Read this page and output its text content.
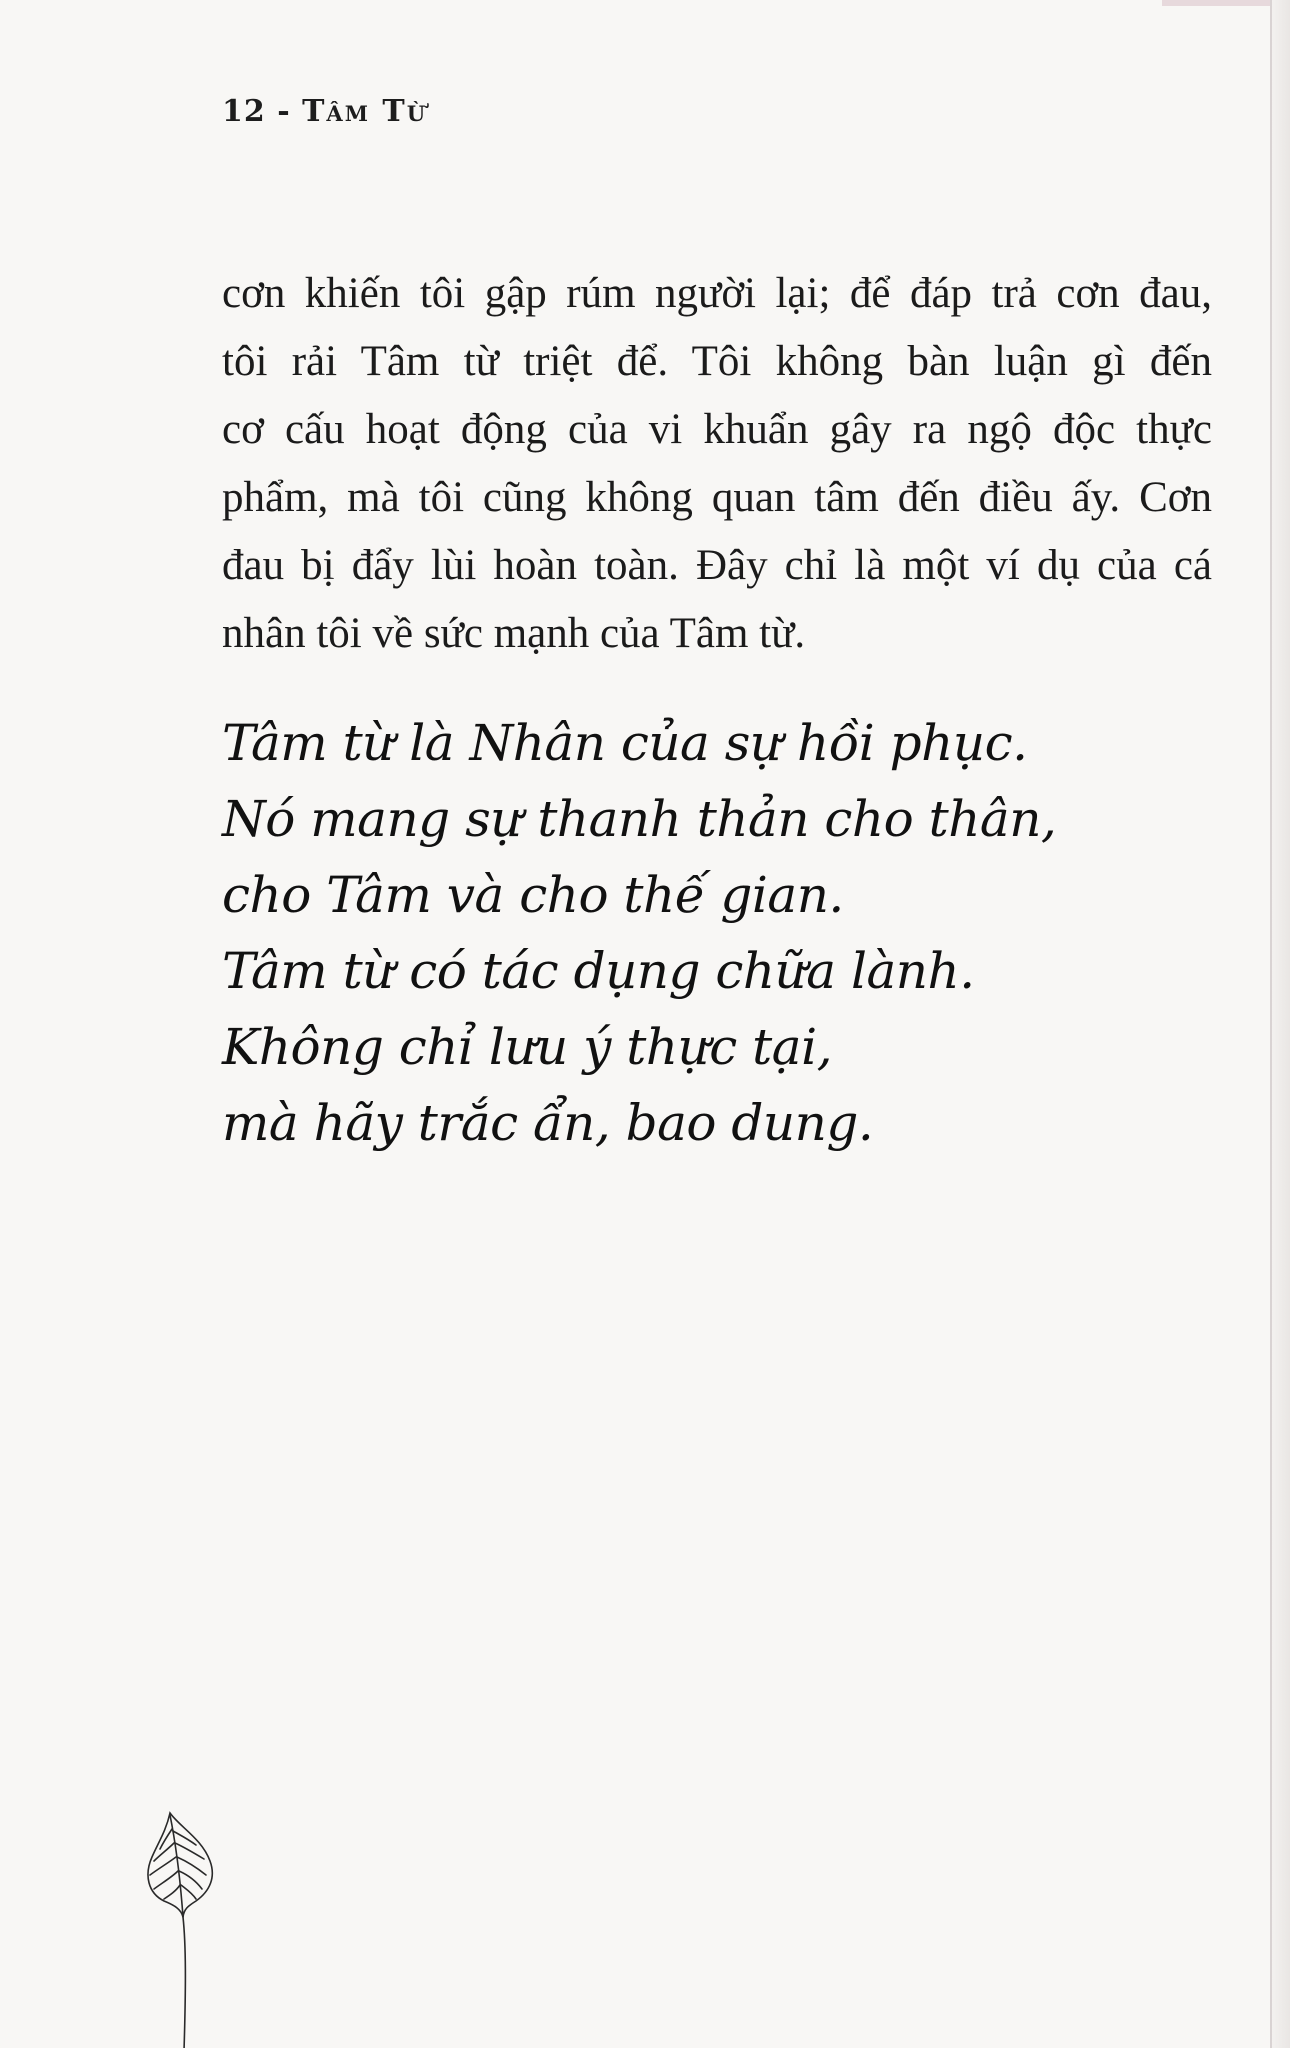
12 - Tâm Từ

cơn khiến tôi gập rúm người lại; để đáp trả cơn đau,

tôi rải Tâm từ triệt để. Tôi không bàn luận gì đến

cơ cấu hoạt động của vi khuẩn gây ra ngộ độc thực

phẩm, mà tôi cũng không quan tâm đến điều ấy. Cơn

đau bị đẩy lùi hoàn toàn. Đây chỉ là một ví dụ của cá

nhân tôi về sức mạnh của Tâm từ.

Tâm từ là Nhân của sự hồi phục.

Nó mang sự thanh thản cho thân,

cho Tâm và cho thế gian.

Tâm từ có tác dụng chữa lành.

Không chỉ lưu ý thực tại,

mà hãy trắc ẩn, bao dung.
